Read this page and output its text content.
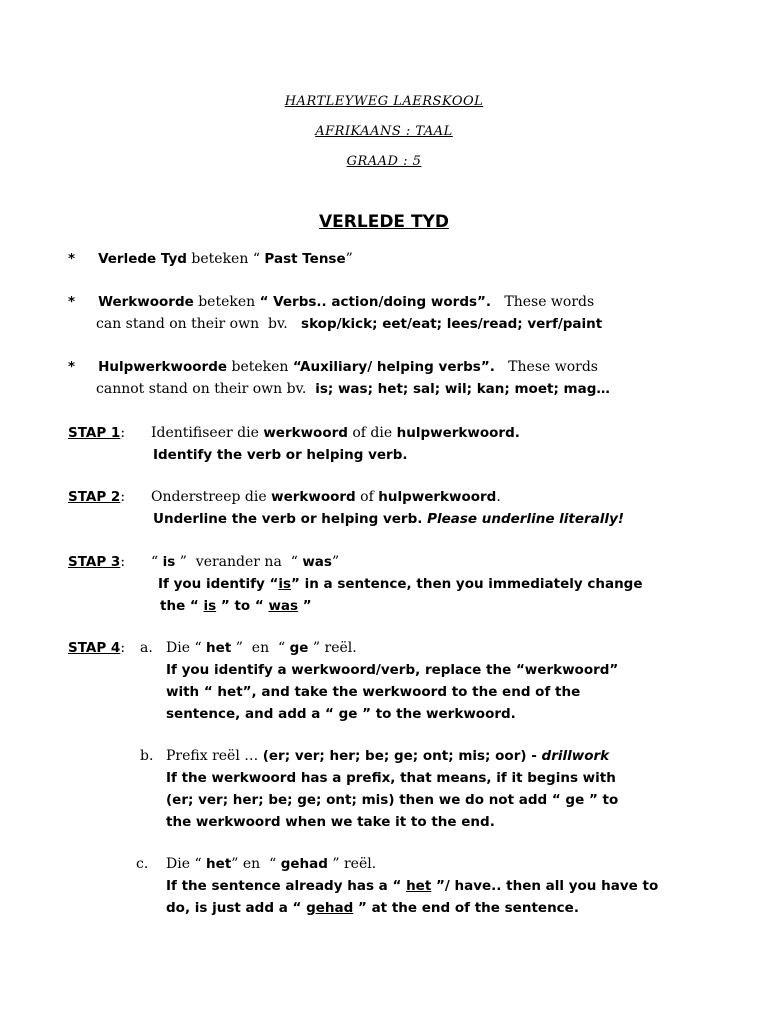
HARTLEYWEG LAERSKOOL
AFRIKAANS : TAAL
GRAAD : 5
VERLEDE TYD
* Verlede Tyd beteken “ Past Tense”
* Werkwoorde beteken “ Verbs.. action/doing words”.   These words
can stand on their own  bv.   skop/kick; eet/eat; lees/read; verf/paint
* Hulpwerkwoorde beteken “Auxiliary/ helping verbs”.   These words
cannot stand on their own bv.  is; was; het; sal; wil; kan; moet; mag…
STAP 1: Identifiseer die werkwoord of die hulpwerkwoord.
Identify the verb or helping verb.
STAP 2: Onderstreep die werkwoord of hulpwerkwoord.
Underline the verb or helping verb. Please underline literally!
STAP 3: “ is ”  verander na  “ was”
If you identify “is” in a sentence, then you immediately change
the “ is ” to “ was ”
STAP 4: a. Die “ het ”  en  “ ge ” reël.
If you identify a werkwoord/verb, replace the “werkwoord”
with “ het”, and take the werkwoord to the end of the
sentence, and add a “ ge ” to the werkwoord.
b. Prefix reël … (er; ver; her; be; ge; ont; mis; oor) - drillwork
If the werkwoord has a prefix, that means, if it begins with
(er; ver; her; be; ge; ont; mis) then we do not add “ ge ” to
the werkwoord when we take it to the end.
c. Die “ het” en  “ gehad ” reël.
If the sentence already has a “ het ”/ have.. then all you have to
do, is just add a “ gehad ” at the end of the sentence.
